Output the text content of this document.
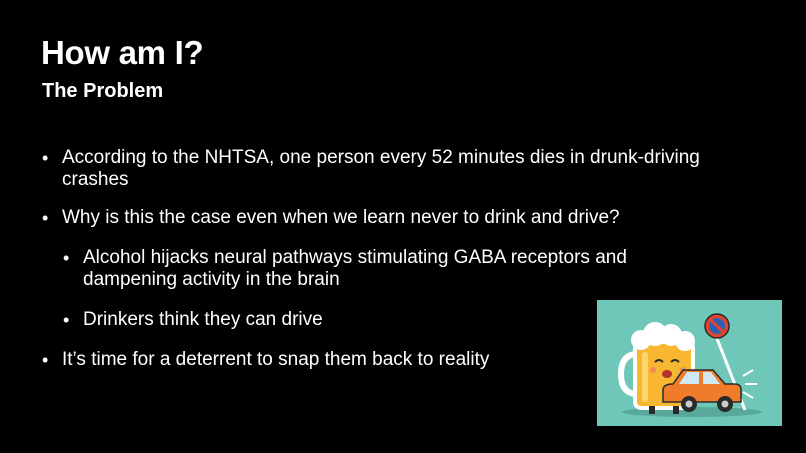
How am I?
The Problem
• According to the NHTSA, one person every 52 minutes dies in drunk-driving crashes
• Why is this the case even when we learn never to drink and drive?
• Alcohol hijacks neural pathways stimulating GABA receptors and dampening activity in the brain
• Drinkers think they can drive
• It’s time for a deterrent to snap them back to reality
